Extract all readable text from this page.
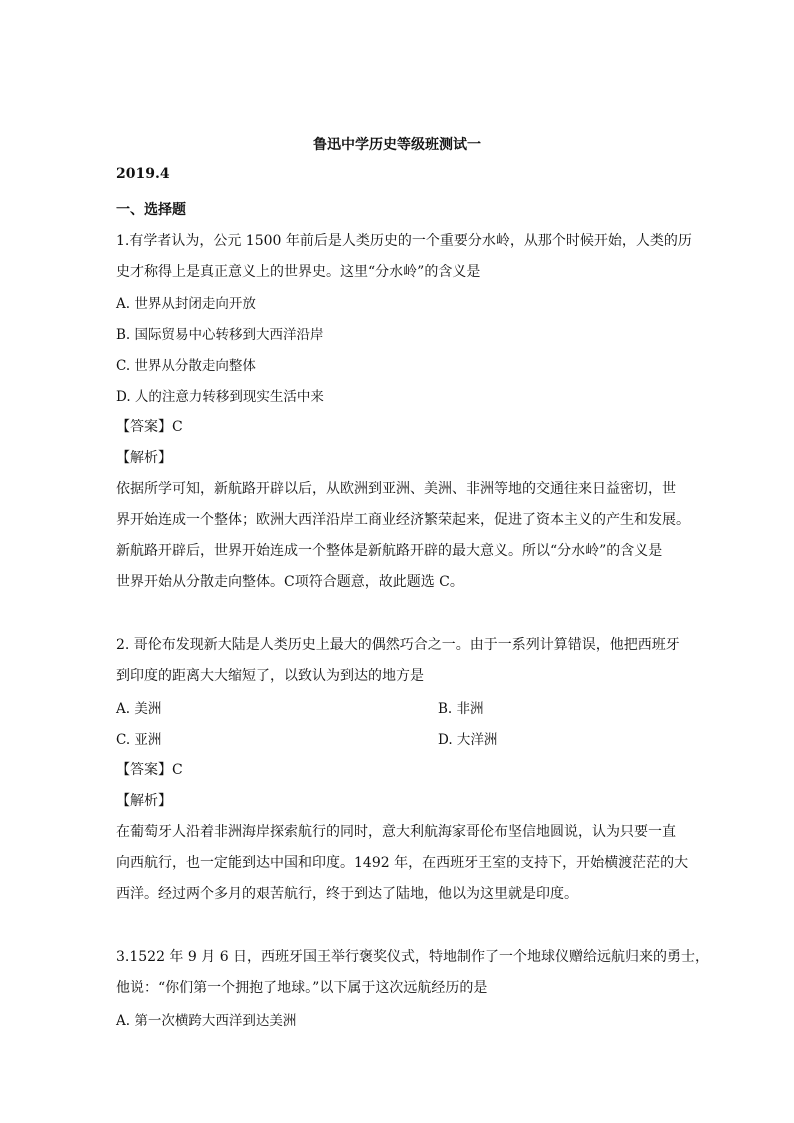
鲁迅中学历史等级班测试一
2019.4
一、选择题
1.有学者认为，公元 1500 年前后是人类历史的一个重要分水岭，从那个时候开始，人类的历
史才称得上是真正意义上的世界史。这里“分水岭”的含义是
A. 世界从封闭走向开放
B. 国际贸易中心转移到大西洋沿岸
C. 世界从分散走向整体
D. 人的注意力转移到现实生活中来
【答案】C
【解析】
依据所学可知，新航路开辟以后，从欧洲到亚洲、美洲、非洲等地的交通往来日益密切，世
界开始连成一个整体；欧洲大西洋沿岸工商业经济繁荣起来，促进了资本主义的产生和发展。
新航路开辟后，世界开始连成一个整体是新航路开辟的最大意义。所以“分水岭”的含义是
世界开始从分散走向整体。C项符合题意，故此题选 C。
2. 哥伦布发现新大陆是人类历史上最大的偶然巧合之一。由于一系列计算错误，他把西班牙
到印度的距离大大缩短了，以致认为到达的地方是
A. 美洲	B. 非洲
C. 亚洲	D. 大洋洲
【答案】C
【解析】
在葡萄牙人沿着非洲海岸探索航行的同时，意大利航海家哥伦布坚信地圆说，认为只要一直
向西航行，也一定能到达中国和印度。1492 年，在西班牙王室的支持下，开始横渡茫茫的大
西洋。经过两个多月的艰苦航行，终于到达了陆地，他以为这里就是印度。
3.1522 年 9 月 6 日，西班牙国王举行褒奖仪式，特地制作了一个地球仪赠给远航归来的勇士，
他说：“你们第一个拥抱了地球。”以下属于这次远航经历的是
A. 第一次横跨大西洋到达美洲
